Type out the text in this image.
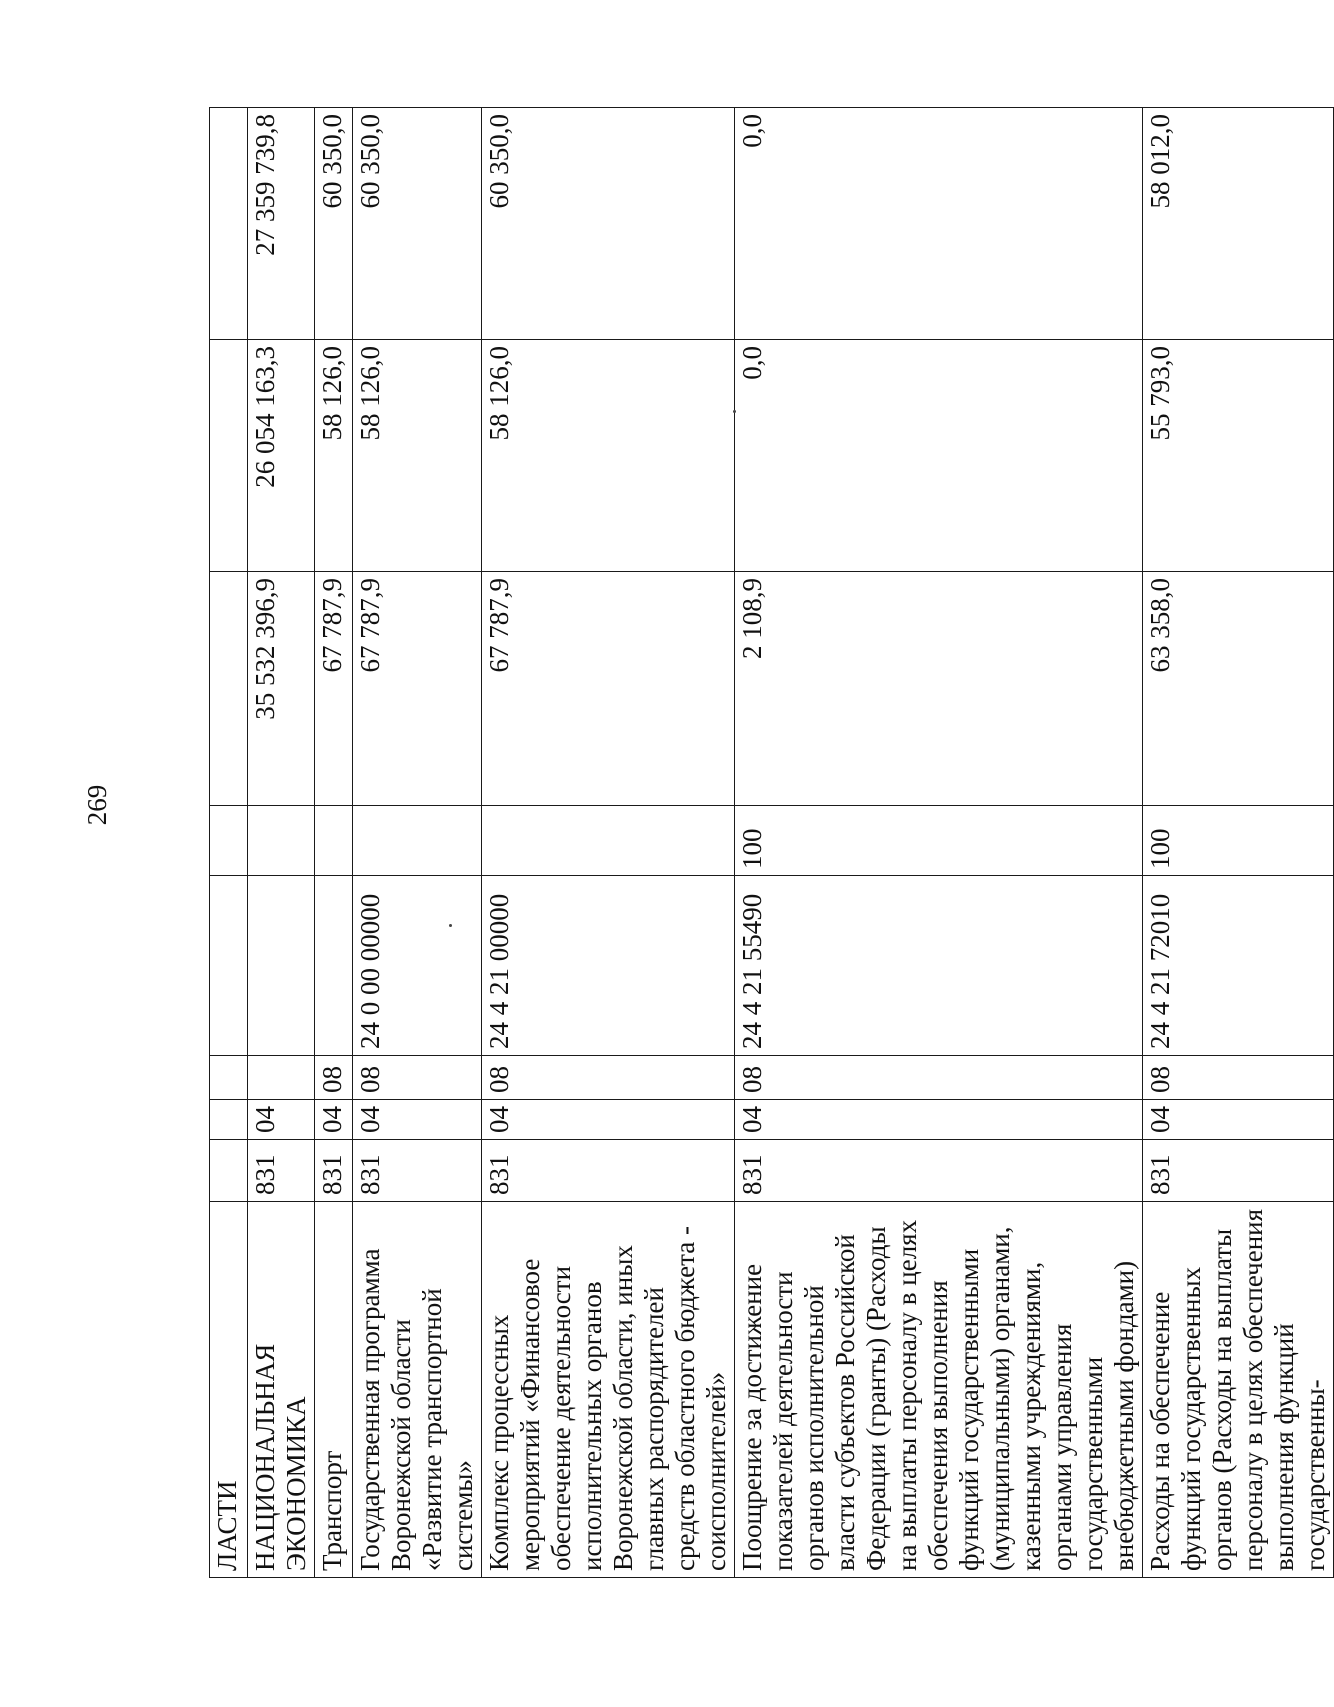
269
ЛАСТИ								
НАЦИОНАЛЬНАЯ ЭКОНОМИКА	831	04				35 532 396,9	26 054 163,3	27 359 739,8
Транспорт	831	04	08			67 787,9	58 126,0	60 350,0
Государственная программа Воронежской области «Развитие транспортной системы»	831	04	08	24 0 00 00000		67 787,9	58 126,0	60 350,0
Комплекс процессных мероприятий «Финансовое обеспечение деятельности исполнительных органов Воронежской области, иных главных распорядителей средств областного бюджета - соисполнителей»	831	04	08	24 4 21 00000		67 787,9	58 126,0	60 350,0
Поощрение за достижение показателей деятельности органов исполнительной власти субъектов Российской Федерации (гранты) (Расходы на выплаты персоналу в целях обеспечения выполнения функций государственными (муниципальными) органами, казенными учреждениями, органами управления государственными внебюджетными фондами)	831	04	08	24 4 21 55490	100	2 108,9	0,0	0,0
Расходы на обеспечение функций государственных органов (Расходы на выплаты персоналу в целях обеспечения выполнения функций государственны-	831	04	08	24 4 21 72010	100	63 358,0	55 793,0	58 012,0
